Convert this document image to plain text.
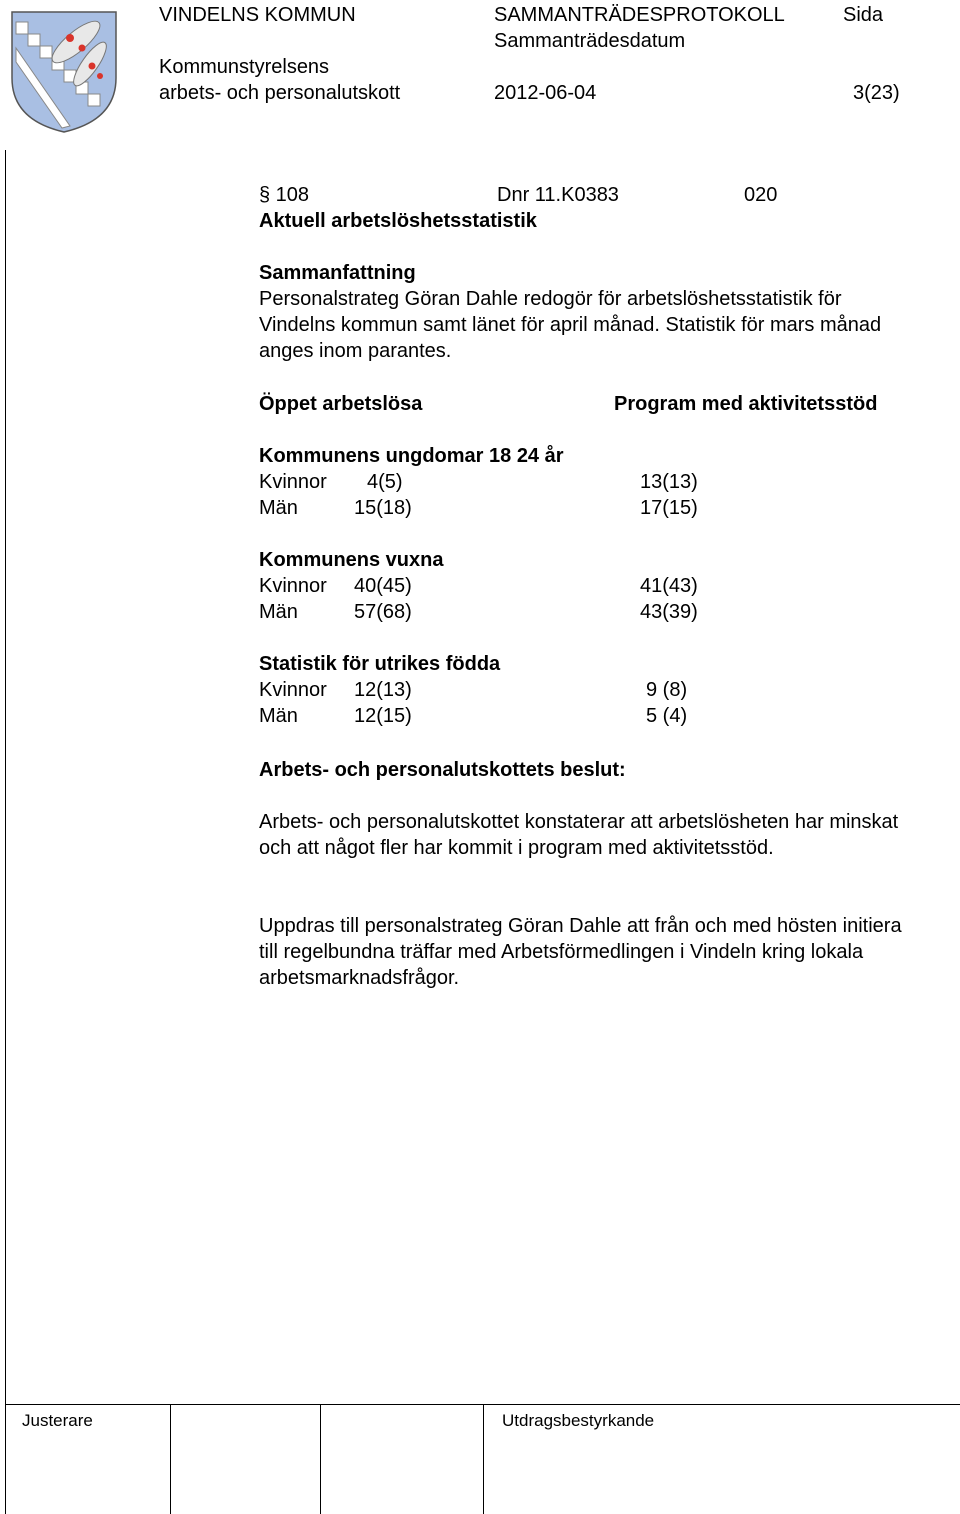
VINDELNS KOMMUN	SAMMANTRÄDESPROTOKOLL	Sida
Sammanträdesdatum
Kommunstyrelsens
arbets- och personalutskott	2012-06-04	3(23)
§ 108	Dnr 11.K0383	020
Aktuell arbetslöshetsstatistik
Sammanfattning
Personalstrateg Göran Dahle redogör för arbetslöshetsstatistik för Vindelns kommun samt länet för april månad. Statistik för mars månad anges inom parantes.
Öppet arbetslösa	Program med aktivitetsstöd
Kommunens ungdomar 18 24 år
Kvinnor 4(5)	13(13)
Män	15(18)	17(15)
Kommunens vuxna
Kvinnor 40(45)	41(43)
Män	57(68)	43(39)
Statistik för utrikes födda
Kvinnor 12(13)	9 (8)
Män	12(15)	5 (4)
Arbets- och personalutskottets beslut:
Arbets- och personalutskottet konstaterar att arbetslösheten har minskat och att något fler har kommit i program med aktivitetsstöd.
Uppdras till personalstrateg Göran Dahle att från och med hösten initiera till regelbundna träffar med Arbetsförmedlingen i Vindeln kring lokala arbetsmarknadsfrågor.
Justerare	Utdragsbestyrkande
